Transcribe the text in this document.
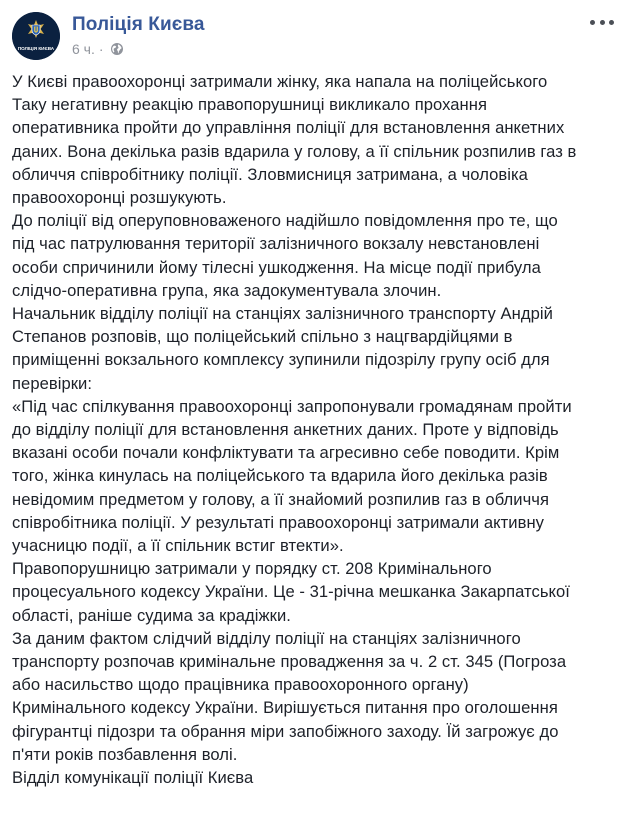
ПОЛІЦІЯ КИЄВА
Поліція Києва
6 ч. ·

У Києві правоохоронці затримали жінку, яка напала на поліцейського

Таку негативну реакцію правопорушниці викликало прохання

оперативника пройти до управління поліції для встановлення анкетних

даних. Вона декілька разів вдарила у голову, а її спільник розпилив газ в

обличчя співробітнику поліції. Зловмисниця затримана, а чоловіка

правоохоронці розшукують.

До поліції від оперуповноваженого надійшло повідомлення про те, що

під час патрулювання території залізничного вокзалу невстановлені

особи спричинили йому тілесні ушкодження. На місце події прибула

слідчо-оперативна група, яка задокументувала злочин.

Начальник відділу поліції на станціях залізничного транспорту Андрій

Степанов розповів, що поліцейський спільно з нацгвардійцями в

приміщенні вокзального комплексу зупинили підозрілу групу осіб для

перевірки:

«Під час спілкування правоохоронці запропонували громадянам пройти

до відділу поліції для встановлення анкетних даних. Проте у відповідь

вказані особи почали конфліктувати та агресивно себе поводити. Крім

того, жінка кинулась на поліцейського та вдарила його декілька разів

невідомим предметом у голову, а її знайомий розпилив газ в обличчя

співробітника поліції. У результаті правоохоронці затримали активну

учасницю події, а її спільник встиг втекти».

Правопорушницю затримали у порядку ст. 208 Кримінального

процесуального кодексу України. Це - 31-річна мешканка Закарпатської

області, раніше судима за крадіжки.

За даним фактом слідчий відділу поліції на станціях залізничного

транспорту розпочав кримінальне провадження за ч. 2 ст. 345 (Погроза

або насильство щодо працівника правоохоронного органу)

Кримінального кодексу України. Вирішується питання про оголошення

фігурантці підозри та обрання міри запобіжного заходу. Їй загрожує до

п'яти років позбавлення волі.

Відділ комунікації поліції Києва
